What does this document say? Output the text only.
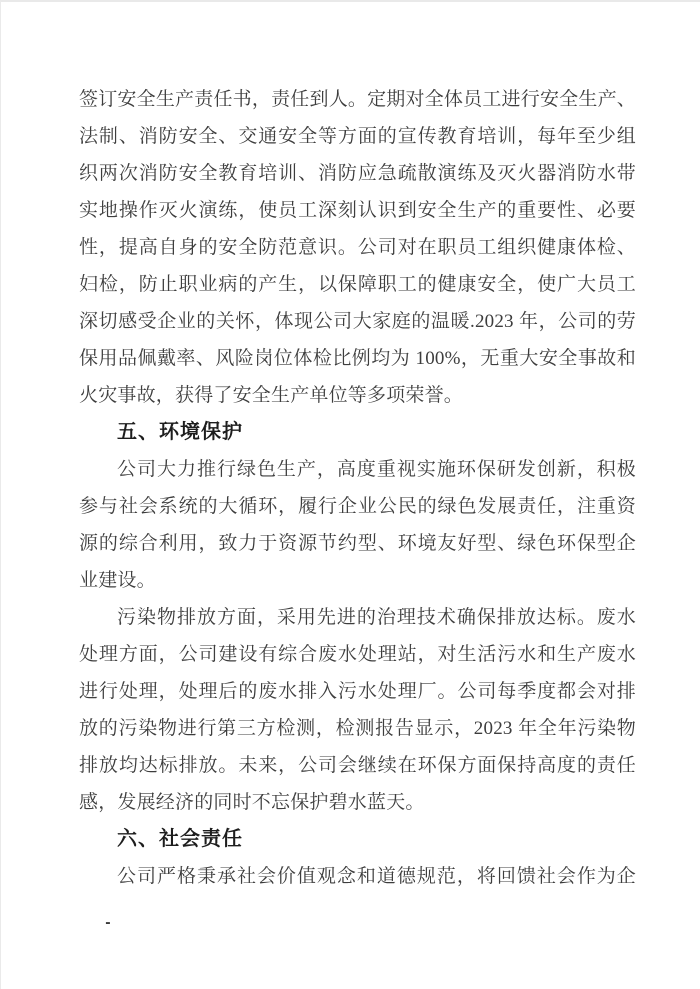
签订安全生产责任书，责任到人。定期对全体员工进行安全生产、
法制、消防安全、交通安全等方面的宣传教育培训，每年至少组
织两次消防安全教育培训、消防应急疏散演练及灭火器消防水带
实地操作灭火演练，使员工深刻认识到安全生产的重要性、必要
性，提高自身的安全防范意识。公司对在职员工组织健康体检、
妇检，防止职业病的产生，以保障职工的健康安全，使广大员工
深切感受企业的关怀，体现公司大家庭的温暖.2023 年，公司的劳
保用品佩戴率、风险岗位体检比例均为 100%，无重大安全事故和
火灾事故，获得了安全生产单位等多项荣誉。
五、环境保护
公司大力推行绿色生产，高度重视实施环保研发创新，积极
参与社会系统的大循环，履行企业公民的绿色发展责任，注重资
源的综合利用，致力于资源节约型、环境友好型、绿色环保型企
业建设。
污染物排放方面，采用先进的治理技术确保排放达标。废水
处理方面，公司建设有综合废水处理站，对生活污水和生产废水
进行处理，处理后的废水排入污水处理厂。公司每季度都会对排
放的污染物进行第三方检测，检测报告显示，2023 年全年污染物
排放均达标排放。未来，公司会继续在环保方面保持高度的责任
感，发展经济的同时不忘保护碧水蓝天。
六、社会责任
公司严格秉承社会价值观念和道德规范，将回馈社会作为企
-
